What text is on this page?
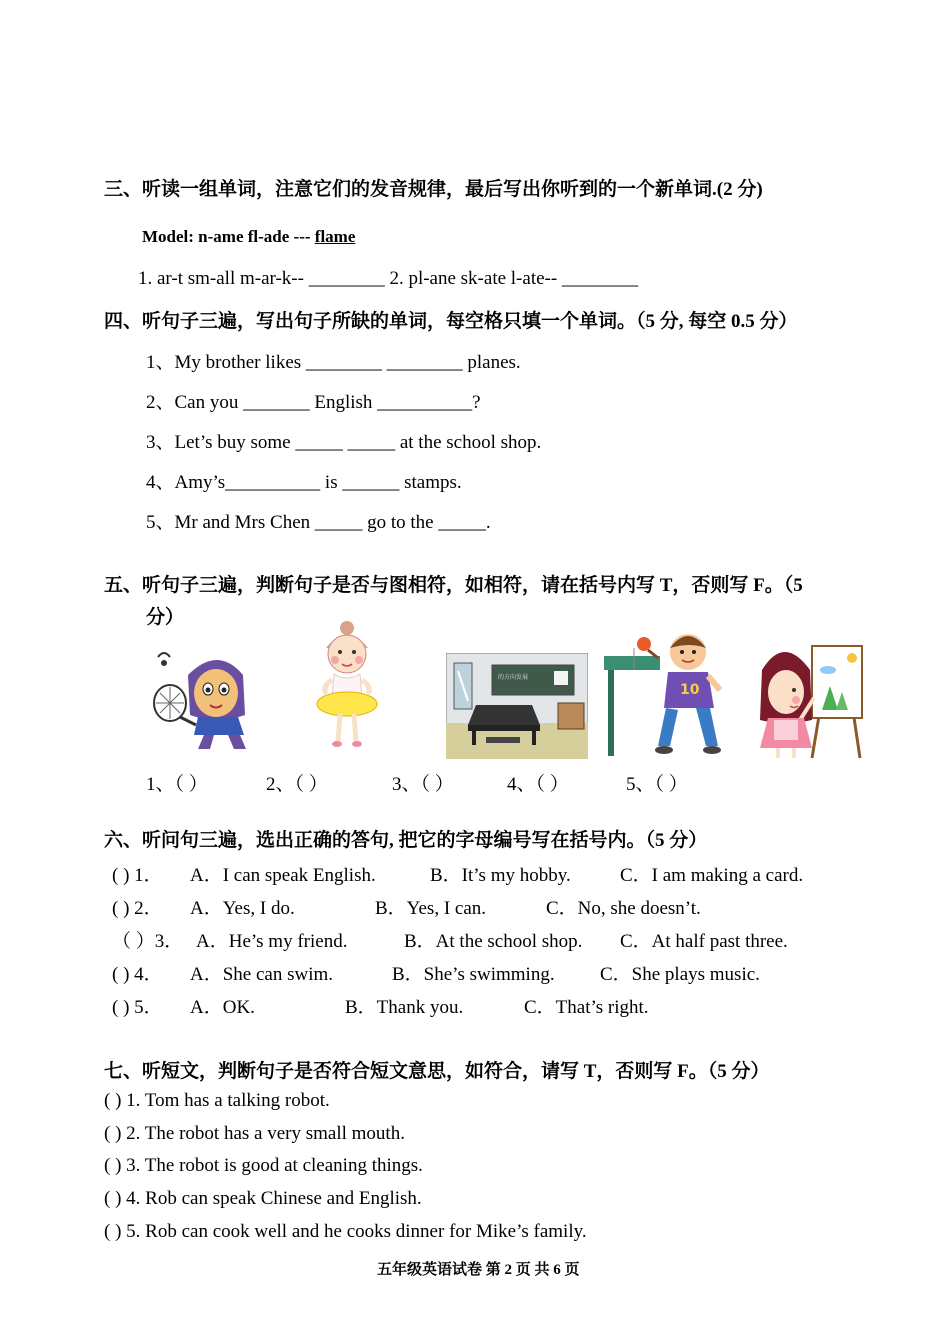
三、听读一组单词，注意它们的发音规律，最后写出你听到的一个新单词.(2 分)
Model: n-ame fl-ade --- flame
1. ar-t sm-all m-ar-k-- ________ 2. pl-ane sk-ate l-ate-- ________
四、听句子三遍，写出句子所缺的单词，每空格只填一个单词。（5 分, 每空 0.5 分）
1、My brother likes ________ ________ planes.
2、Can you _______ English __________?
3、Let’s buy some _____ _____ at the school shop.
4、Amy’s__________ is ______ stamps.
5、Mr and Mrs Chen _____ go to the _____.
五、听句子三遍，判断句子是否与图相符，如相符，请在括号内写 T，否则写 F。（5
分）
的方向发展
10
1、（ ）	2、（ ）	3、（ ）	4、（ ）	5、（ ）
六、听问句三遍，选出正确的答句, 把它的字母编号写在括号内。（5 分）
( ) 1． A．I can speak English.	B．It’s my hobby.	C．I am making a card.
( ) 2． A．Yes, I do.	B．Yes, I can.	C．No, she doesn’t.
（ ）3． A．He’s my friend.	B．At the school shop. C．At half past three.
( ) 4． A．She can swim.	B．She’s swimming. C．She plays music.
( ) 5． A．OK.	B．Thank you.	C．That’s right.
七、听短文，判断句子是否符合短文意思，如符合，请写 T，否则写 F。（5 分）
( ) 1. Tom has a talking robot.
( ) 2. The robot has a very small mouth.
( ) 3. The robot is good at cleaning things.
( ) 4. Rob can speak Chinese and English.
( ) 5. Rob can cook well and he cooks dinner for Mike’s family.
五年级英语试卷 第 2 页 共 6 页
